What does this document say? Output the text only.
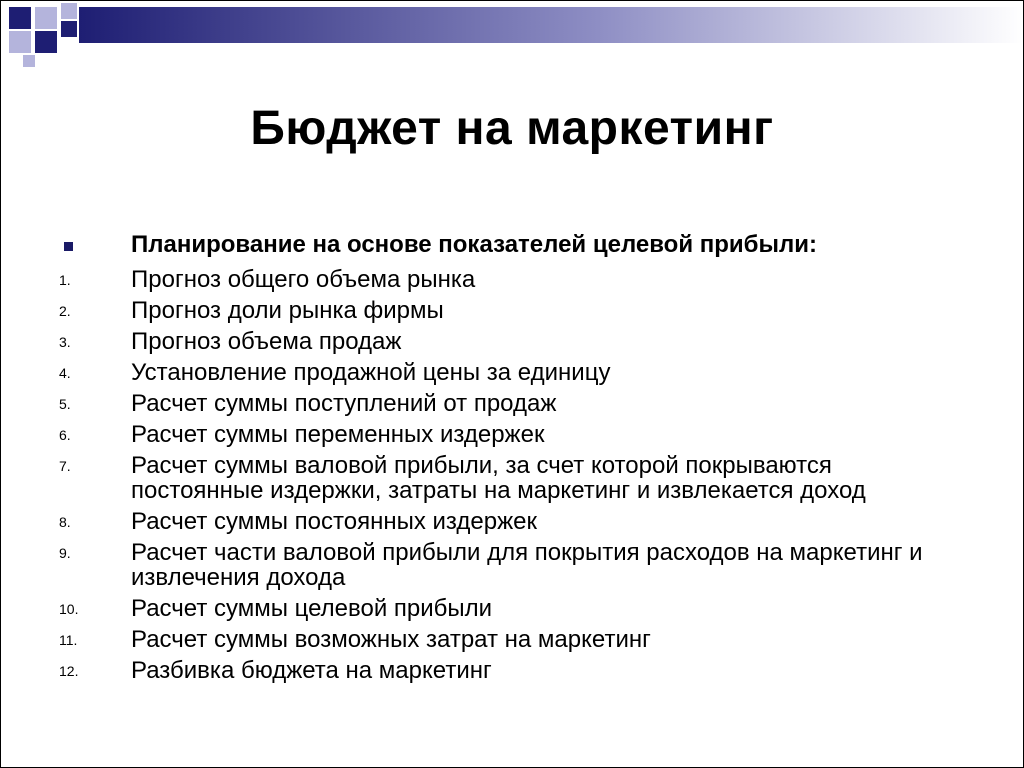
Бюджет на маркетинг
Планирование на основе показателей целевой прибыли:
1.	Прогноз общего объема рынка
2.	Прогноз доли рынка фирмы
3.	Прогноз объема продаж
4.	Установление продажной цены за единицу
5.	Расчет суммы поступлений от продаж
6.	Расчет суммы переменных издержек
7.	Расчет суммы валовой прибыли, за счет которой покрываются
постоянные издержки, затраты на маркетинг и извлекается доход
8.	Расчет суммы постоянных издержек
9.	Расчет части валовой прибыли для покрытия расходов на маркетинг и
извлечения дохода
10. Расчет суммы целевой прибыли
11. Расчет суммы возможных затрат на маркетинг
12. Разбивка бюджета на маркетинг
